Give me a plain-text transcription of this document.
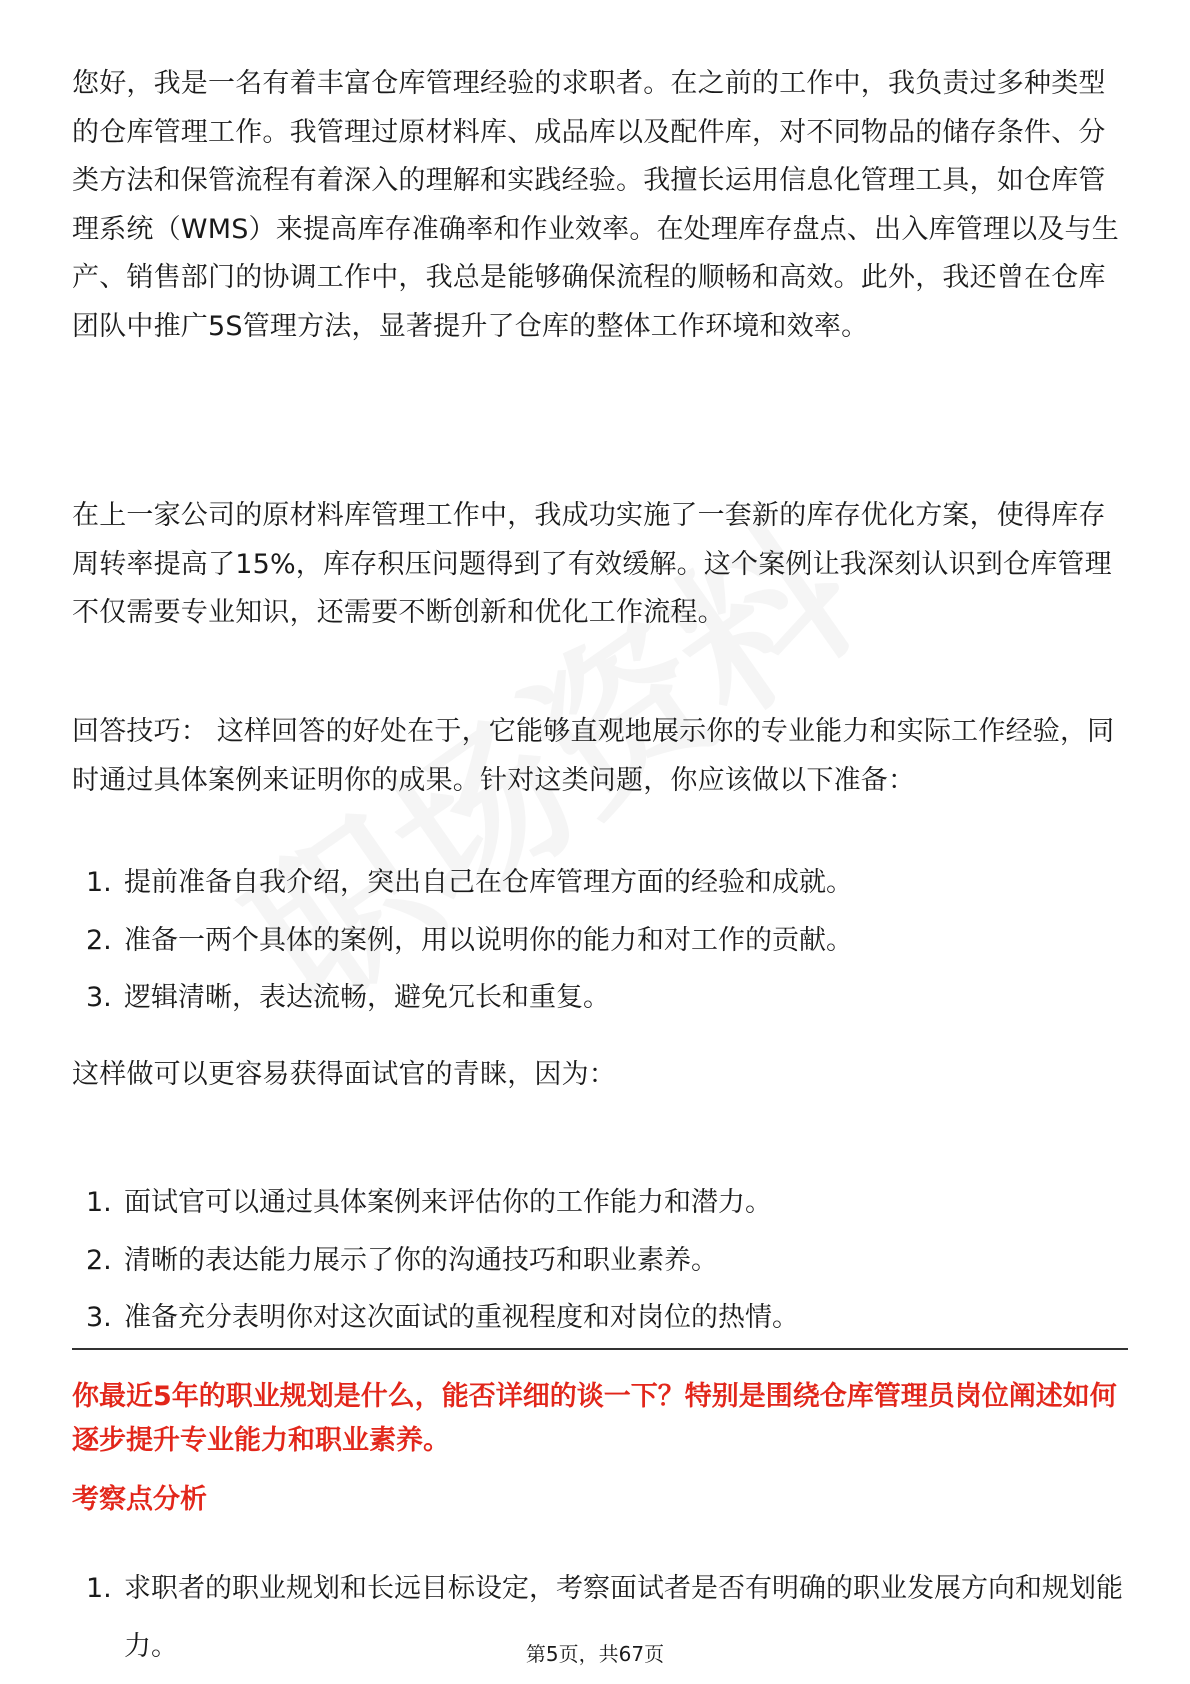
您好，我是一名有着丰富仓库管理经验的求职者。在之前的工作中，我负责过多种类型的仓库管理工作。我管理过原材料库、成品库以及配件库，对不同物品的储存条件、分类方法和保管流程有着深入的理解和实践经验。我擅长运用信息化管理工具，如仓库管理系统（WMS）来提高库存准确率和作业效率。在处理库存盘点、出入库管理以及与生产、销售部门的协调工作中，我总是能够确保流程的顺畅和高效。此外，我还曾在仓库团队中推广5S管理方法，显著提升了仓库的整体工作环境和效率。

在上一家公司的原材料库管理工作中，我成功实施了一套新的库存优化方案，使得库存周转率提高了15%，库存积压问题得到了有效缓解。这个案例让我深刻认识到仓库管理不仅需要专业知识，还需要不断创新和优化工作流程。

回答技巧： 这样回答的好处在于，它能够直观地展示你的专业能力和实际工作经验，同时通过具体案例来证明你的成果。针对这类问题，你应该做以下准备：

1. 提前准备自我介绍，突出自己在仓库管理方面的经验和成就。
2. 准备一两个具体的案例，用以说明你的能力和对工作的贡献。
3. 逻辑清晰，表达流畅，避免冗长和重复。

这样做可以更容易获得面试官的青睐，因为：

1. 面试官可以通过具体案例来评估你的工作能力和潜力。
2. 清晰的表达能力展示了你的沟通技巧和职业素养。
3. 准备充分表明你对这次面试的重视程度和对岗位的热情。

你最近5年的职业规划是什么，能否详细的谈一下？特别是围绕仓库管理员岗位阐述如何逐步提升专业能力和职业素养。

考察点分析

1. 求职者的职业规划和长远目标设定，考察面试者是否有明确的职业发展方向和规划能力。	第5页，共67页
